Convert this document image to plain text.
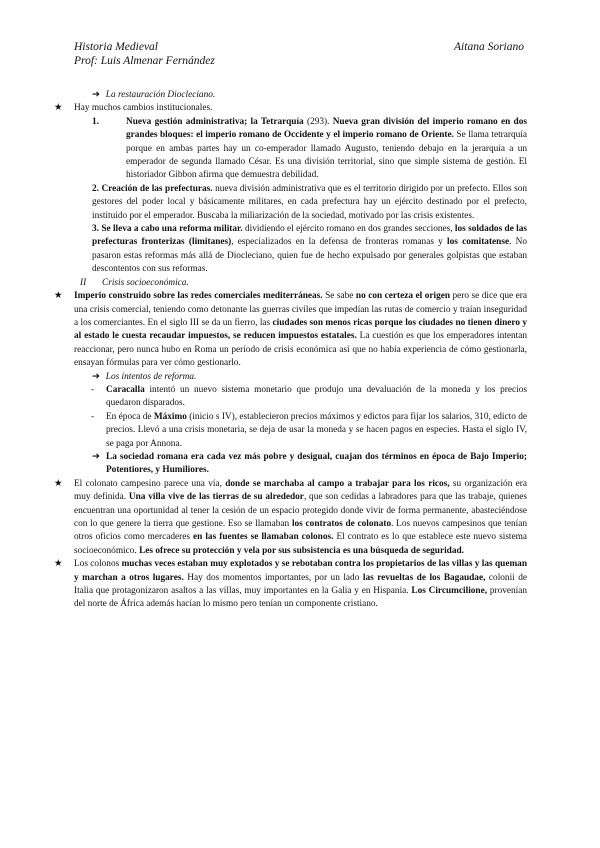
Historia Medieval
Prof: Luis Almenar Fernández
Aitana Soriano
➔ La restauración Diocleciano.
★ Hay muchos cambios institucionales.
1.	Nueva gestión administrativa; la Tetrarquía (293). Nueva gran división del imperio romano en dos grandes bloques: el imperio romano de Occidente y el imperio romano de Oriente. Se llama tetrarquía porque en ambas partes hay un co-emperador llamado Augusto, teniendo debajo en la jerarquía a un emperador de segunda llamado César. Es una división territorial, sino que simple sistema de gestión. El historiador Gibbon afirma que demuestra debilidad.
2. Creación de las prefecturas. nueva división administrativa que es el territorio dirigido por un prefecto. Ellos son gestores del poder local y básicamente militares, en cada prefectura hay un ejército destinado por el prefecto, instituido por el emperador. Buscaba la miliarización de la sociedad, motivado por las crisis existentes.
3. Se lleva a cabo una reforma militar. dividiendo el ejército romano en dos grandes secciones, los soldados de las prefecturas fronterizas (limitanes), especializados en la defensa de fronteras romanas y los comitatense. No pasaron estas reformas más allá de Diocleciano, quien fue de hecho expulsado por generales golpistas que estaban descontentos con sus reformas.
II Crisis socioeconómica.
★ Imperio construido sobre las redes comerciales mediterráneas. Se sabe no con certeza el origen pero se dice que era una crisis comercial, teniendo como detonante las guerras civiles que impedían las rutas de comercio y traían inseguridad a los comerciantes. En el siglo III se da un fierro, las ciudades son menos ricas porque los ciudades no tienen dinero y al estado le cuesta recaudar impuestos, se reducen impuestos estatales. La cuestión es que los emperadores intentan reaccionar, pero nunca hubo en Roma un período de crisis económica así que no había experiencia de cómo gestionarla, ensayan fórmulas para ver cómo gestionarlo.
➔ Los intentos de reforma.
- Caracalla intentó un nuevo sistema monetario que produjo una devaluación de la moneda y los precios quedaron disparados.
- En época de Máximo (inicio s IV), establecieron precios máximos y edictos para fijar los salarios, 310, edicto de precios. Llevó a una crisis monetaria, se deja de usar la moneda y se hacen pagos en especies. Hasta el siglo IV, se paga por Annona.
➔ La sociedad romana era cada vez más pobre y desigual, cuajan dos términos en época de Bajo Imperio; Potentiores, y Humiliores.
★ El colonato campesino parece una vía, donde se marchaba al campo a trabajar para los ricos, su organización era muy definida. Una villa vive de las tierras de su alrededor, que son cedidas a labradores para que las trabaje, quienes encuentran una oportunidad al tener la cesión de un espacio protegido donde vivir de forma permanente, abasteciéndose con lo que genere la tierra que gestione. Eso se llamaban los contratos de colonato. Los nuevos campesinos que tenían otros oficios como mercaderes en las fuentes se llamaban colonos. El contrato es lo que establece este nuevo sistema socioeconómico. Les ofrece su protección y vela por sus subsistencia es una búsqueda de seguridad.
★ Los colonos muchas veces estaban muy explotados y se rebotaban contra los propietarios de las villas y las queman y marchan a otros lugares. Hay dos momentos importantes, por un lado las revueltas de los Bagaudae, colonii de Italia que protagonizaron asaltos a las villas, muy importantes en la Galia y en Hispania. Los Circumcilione, provenían del norte de África además hacían lo mismo pero tenían un componente cristiano.
